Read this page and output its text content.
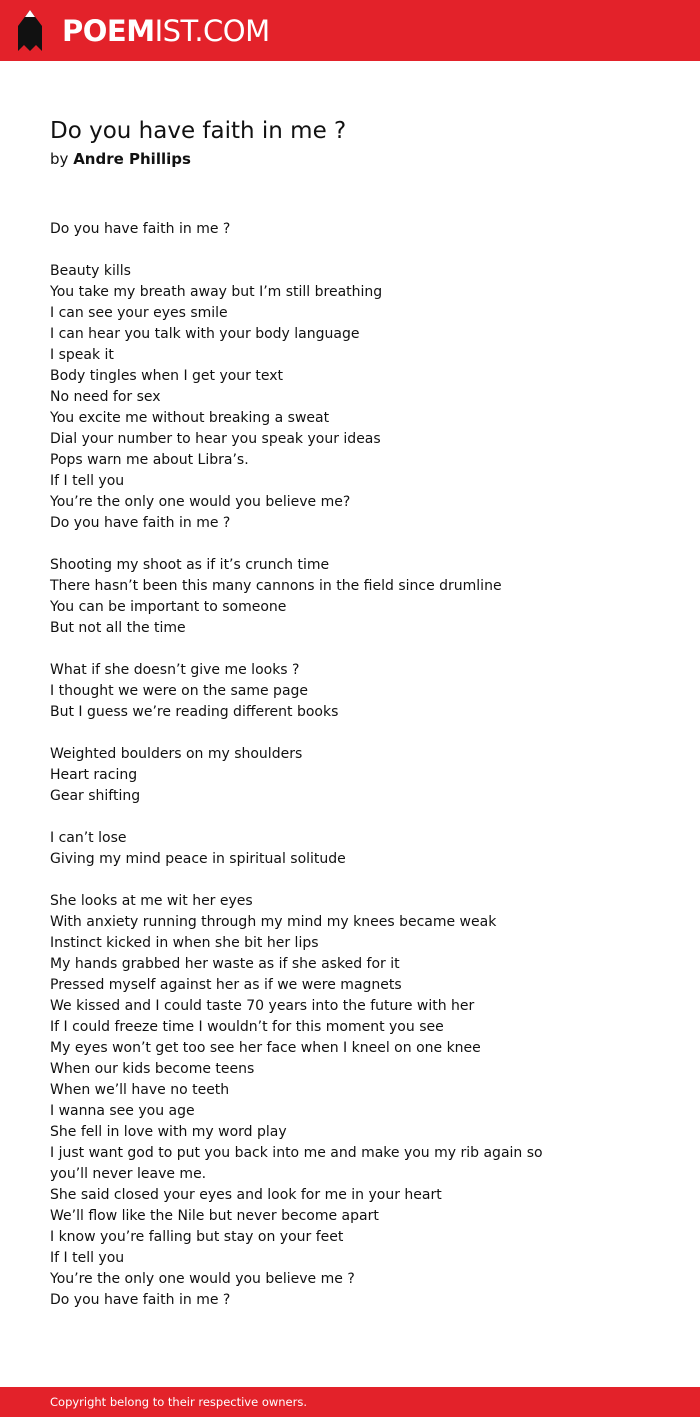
POEMIST.COM
Do you have faith in me ?
by Andre Phillips

Do you have faith in me ?

Beauty kills
You take my breath away but I’m still breathing
I can see your eyes smile
I can hear you talk with your body language
I speak it
Body tingles when I get your text
No need for sex
You excite me without breaking a sweat
Dial your number to hear you speak your ideas
Pops warn me about Libra’s.
If I tell you
You’re the only one would you believe me?
Do you have faith in me ?

Shooting my shoot as if it’s crunch time
There hasn’t been this many cannons in the field since drumline
You can be important to someone
But not all the time

What if she doesn’t give me looks ?
I thought we were on the same page
But I guess we’re reading different books

Weighted boulders on my shoulders
Heart racing
Gear shifting

I can’t lose
Giving my mind peace in spiritual solitude

She looks at me wit her eyes
With anxiety running through my mind my knees became weak
Instinct kicked in when she bit her lips
My hands grabbed her waste as if she asked for it
Pressed myself against her as if we were magnets
We kissed and I could taste 70 years into the future with her
If I could freeze time I wouldn’t for this moment you see
My eyes won’t get too see her face when I kneel on one knee
When our kids become teens
When we’ll have no teeth
I wanna see you age
She fell in love with my word play
I just want god to put you back into me and make you my rib again so
you’ll never leave me.
She said closed your eyes and look for me in your heart
We’ll flow like the Nile but never become apart
I know you’re falling but stay on your feet
If I tell you
You’re the only one would you believe me ?
Do you have faith in me ?

Copyright belong to their respective owners.
